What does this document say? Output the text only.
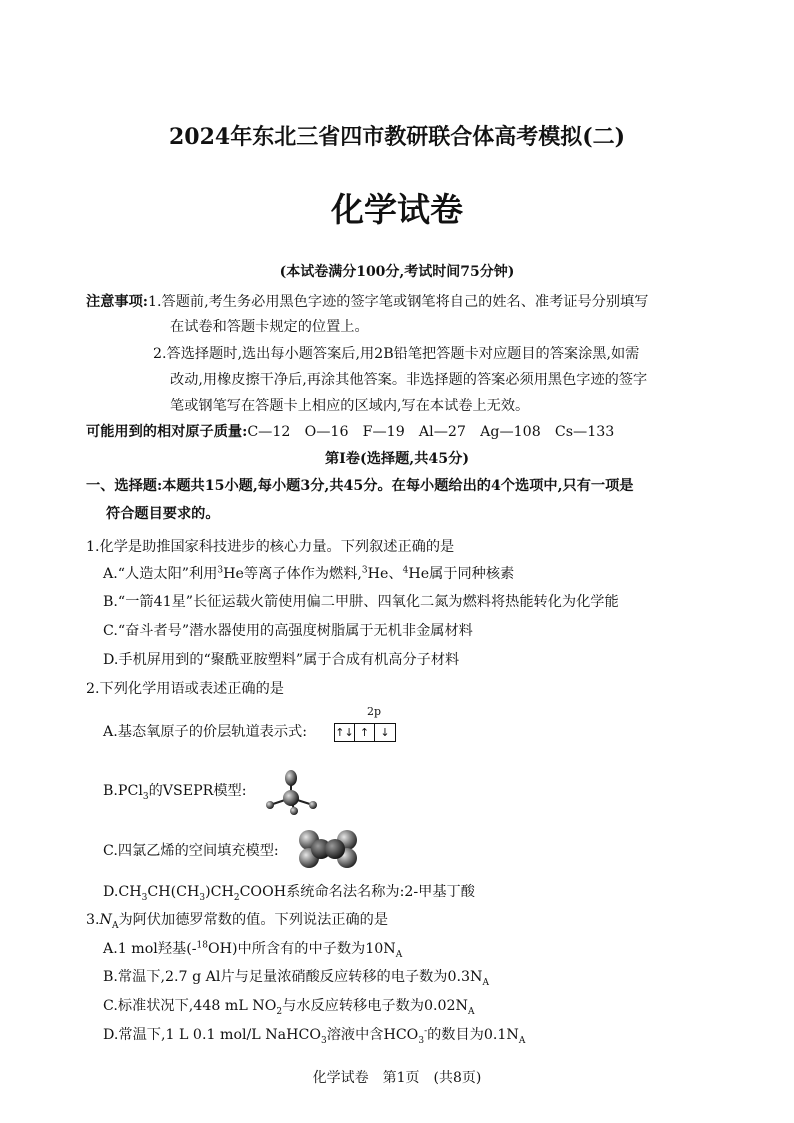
2024年东北三省四市教研联合体高考模拟(二)
化学试卷
(本试卷满分100分,考试时间75分钟)
注意事项:1.答题前,考生务必用黑色字迹的签字笔或钢笔将自己的姓名、准考证号分别填写
在试卷和答题卡规定的位置上。
2.答选择题时,选出每小题答案后,用2B铅笔把答题卡对应题目的答案涂黑,如需
改动,用橡皮擦干净后,再涂其他答案。非选择题的答案必须用黑色字迹的签字
笔或钢笔写在答题卡上相应的区域内,写在本试卷上无效。
可能用到的相对原子质量:C—12　O—16　F—19　Al—27　Ag—108　Cs—133
第Ⅰ卷(选择题,共45分)
一、选择题:本题共15小题,每小题3分,共45分。在每小题给出的4个选项中,只有一项是
符合题目要求的。
1.化学是助推国家科技进步的核心力量。下列叙述正确的是
A.“人造太阳”利用$^3$He等离子体作为燃料,$^3$He、$^4$He属于同种核素
B.“一箭41星”长征运载火箭使用偏二甲肼、四氧化二氮为燃料将热能转化为化学能
C.“奋斗者号”潜水器使用的高强度树脂属于无机非金属材料
D.手机屏用到的“聚酰亚胺塑料”属于合成有机高分子材料
2.下列化学用语或表述正确的是
2p
A.基态氧原子的价层轨道表示式:	↑↓ ↑	↓
B.PCl$_3$的VSEPR模型:
C.四氯乙烯的空间填充模型:
$D.CH_3CH(CH_3)CH_2COOH$系统命名法名称为:2-甲基丁酸
$3.N_A$为阿伏加德罗常数的值。下列说法正确的是
A.1 mol羟基(-$^{18}$OH)中所含有的中子数为$10N_A$
B.常温下,2.7 g Al片与足量浓硝酸反应转移的电子数为$0.3N_A$
C.标准状况下,448 mL $NO_2$与水反应转移电子数为$0.02N_A$
D.常温下,1 L 0.1 mol/L NaHCO$_3$溶液中含$HCO_3^-$的数目为$0.1N_A$
化学试卷　第1页　(共8页)
